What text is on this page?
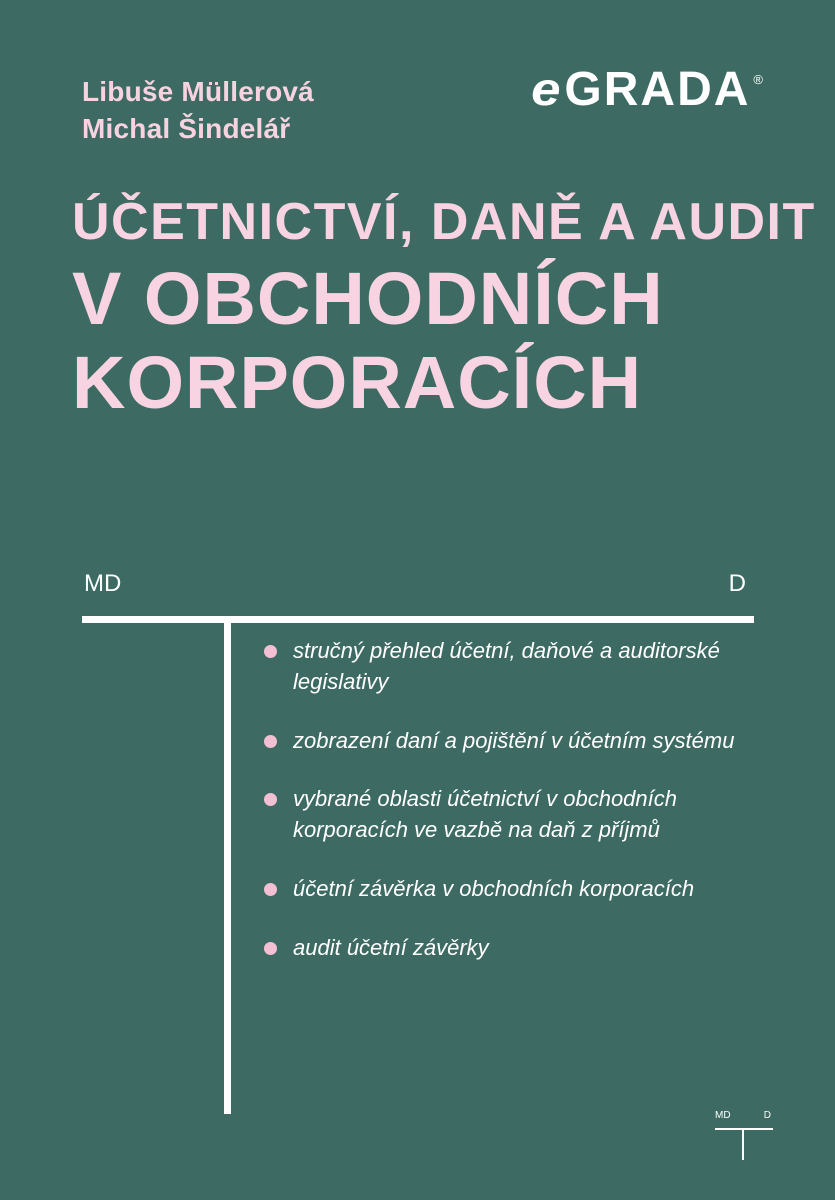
Libuše Müllerová
Michal Šindelář
e GRADA ®
ÚČETNICTVÍ, DANĚ A AUDIT
V OBCHODNÍCH
KORPORACÍCH
MD	D
stručný přehled účetní, daňové a auditorské legislativy
zobrazení daní a pojištění v účetním systému
vybrané oblasti účetnictví v obchodních korporacích ve vazbě na daň z příjmů
účetní závěrka v obchodních korporacích
audit účetní závěrky
MD	D
